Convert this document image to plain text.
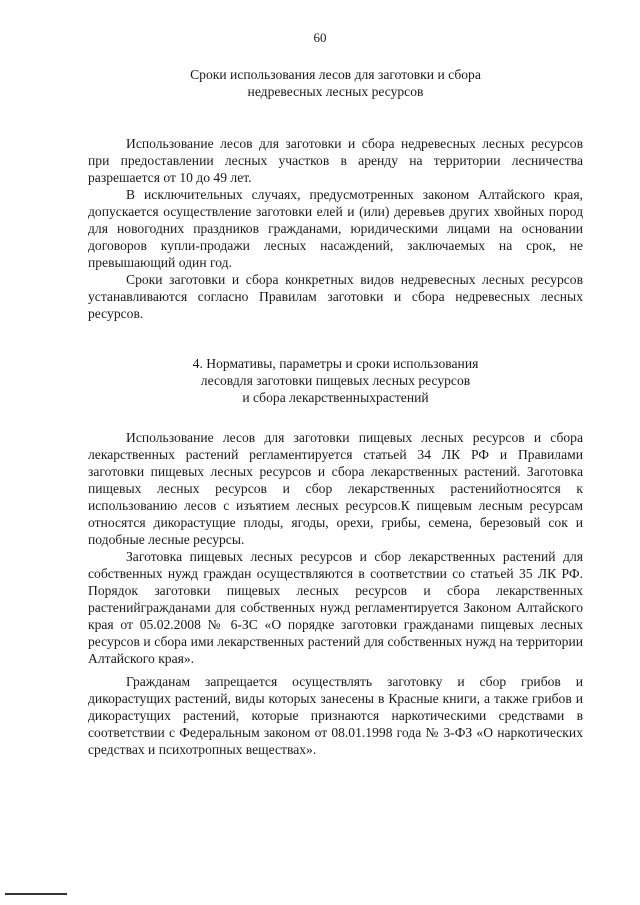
60
Сроки использования лесов для заготовки и сбора
недревесных лесных ресурсов

Использование лесов для заготовки и сбора недревесных лесных ресурсов при предоставлении лесных участков в аренду на территории лесничества разрешается от 10 до 49 лет.

В исключительных случаях, предусмотренных законом Алтайского края, допускается осуществление заготовки елей и (или) деревьев других хвойных пород для новогодних праздников гражданами, юридическими лицами на основании договоров купли-продажи лесных насаждений, заключаемых на срок, не превышающий один год.

Сроки заготовки и сбора конкретных видов недревесных лесных ресурсов устанавливаются согласно Правилам заготовки и сбора недревесных лесных ресурсов.

4. Нормативы, параметры и сроки использования
лесовдля заготовки пищевых лесных ресурсов
и сбора лекарственныхрастений

Использование лесов для заготовки пищевых лесных ресурсов и сбора лекарственных растений регламентируется статьей 34 ЛК РФ и Правилами заготовки пищевых лесных ресурсов и сбора лекарственных растений. Заготовка пищевых лесных ресурсов и сбор лекарственных растенийотносятся к использованию лесов с изъятием лесных ресурсов.К пищевым лесным ресурсам относятся дикорастущие плоды, ягоды, орехи, грибы, семена, березовый сок и подобные лесные ресурсы.

Заготовка пищевых лесных ресурсов и сбор лекарственных растений для собственных нужд граждан осуществляются в соответствии со статьей 35 ЛК РФ. Порядок заготовки пищевых лесных ресурсов и сбора лекарственных растенийгражданами для собственных нужд регламентируется Законом Алтайского края от 05.02.2008 № 6-ЗС «О порядке заготовки гражданами пищевых лесных ресурсов и сбора ими лекарственных растений для собственных нужд на территории Алтайского края».

Гражданам запрещается осуществлять заготовку и сбор грибов и дикорастущих растений, виды которых занесены в Красные книги, а также грибов и дикорастущих растений, которые признаются наркотическими средствами в соответствии с Федеральным законом от 08.01.1998 года № 3-ФЗ «О наркотических средствах и психотропных веществах».
